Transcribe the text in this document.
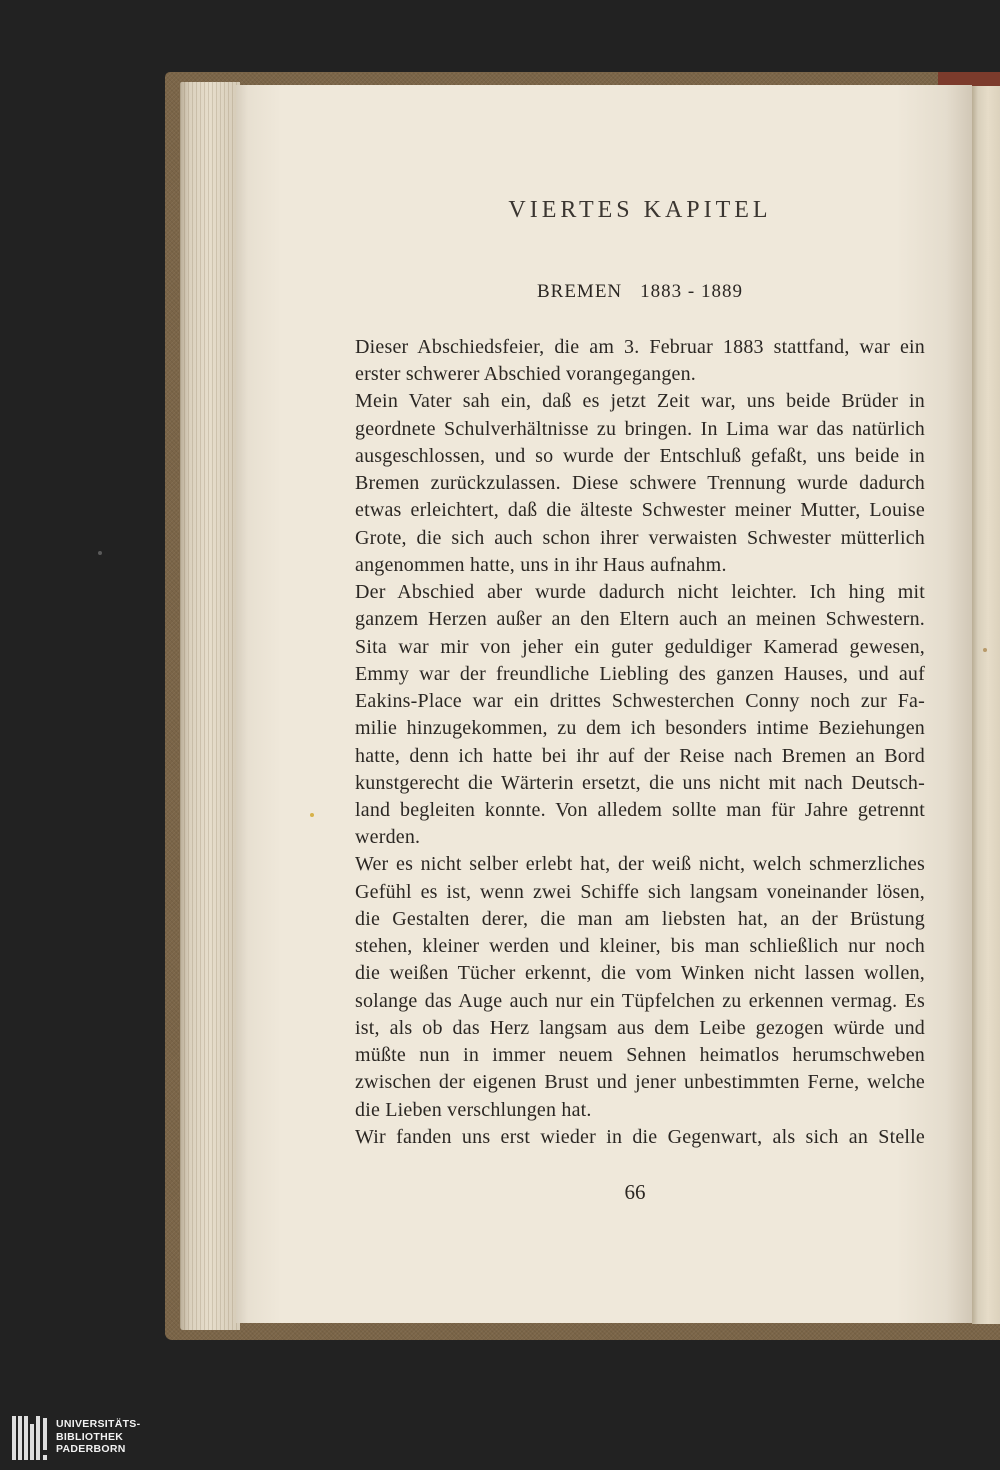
VIERTES KAPITEL
BREMEN 1883 - 1889
Dieser Abschiedsfeier, die am 3. Februar 1883 stattfand, war ein
erster schwerer Abschied vorangegangen.
Mein Vater sah ein, daß es jetzt Zeit war, uns beide Brüder in
geordnete Schulverhältnisse zu bringen. In Lima war das natürlich
ausgeschlossen, und so wurde der Entschluß gefaßt, uns beide in
Bremen zurückzulassen. Diese schwere Trennung wurde dadurch
etwas erleichtert, daß die älteste Schwester meiner Mutter, Louise
Grote, die sich auch schon ihrer verwaisten Schwester mütterlich
angenommen hatte, uns in ihr Haus aufnahm.
Der Abschied aber wurde dadurch nicht leichter. Ich hing mit
ganzem Herzen außer an den Eltern auch an meinen Schwestern.
Sita war mir von jeher ein guter geduldiger Kamerad gewesen,
Emmy war der freundliche Liebling des ganzen Hauses, und auf
Eakins-Place war ein drittes Schwesterchen Conny noch zur Fa-
milie hinzugekommen, zu dem ich besonders intime Beziehungen
hatte, denn ich hatte bei ihr auf der Reise nach Bremen an Bord
kunstgerecht die Wärterin ersetzt, die uns nicht mit nach Deutsch-
land begleiten konnte. Von alledem sollte man für Jahre getrennt
werden.
Wer es nicht selber erlebt hat, der weiß nicht, welch schmerzliches
Gefühl es ist, wenn zwei Schiffe sich langsam voneinander lösen,
die Gestalten derer, die man am liebsten hat, an der Brüstung
stehen, kleiner werden und kleiner, bis man schließlich nur noch
die weißen Tücher erkennt, die vom Winken nicht lassen wollen,
solange das Auge auch nur ein Tüpfelchen zu erkennen vermag. Es
ist, als ob das Herz langsam aus dem Leibe gezogen würde und
müßte nun in immer neuem Sehnen heimatlos herumschweben
zwischen der eigenen Brust und jener unbestimmten Ferne, welche
die Lieben verschlungen hat.
Wir fanden uns erst wieder in die Gegenwart, als sich an Stelle
66
UNIVERSITÄTS-
BIBLIOTHEK
PADERBORN
